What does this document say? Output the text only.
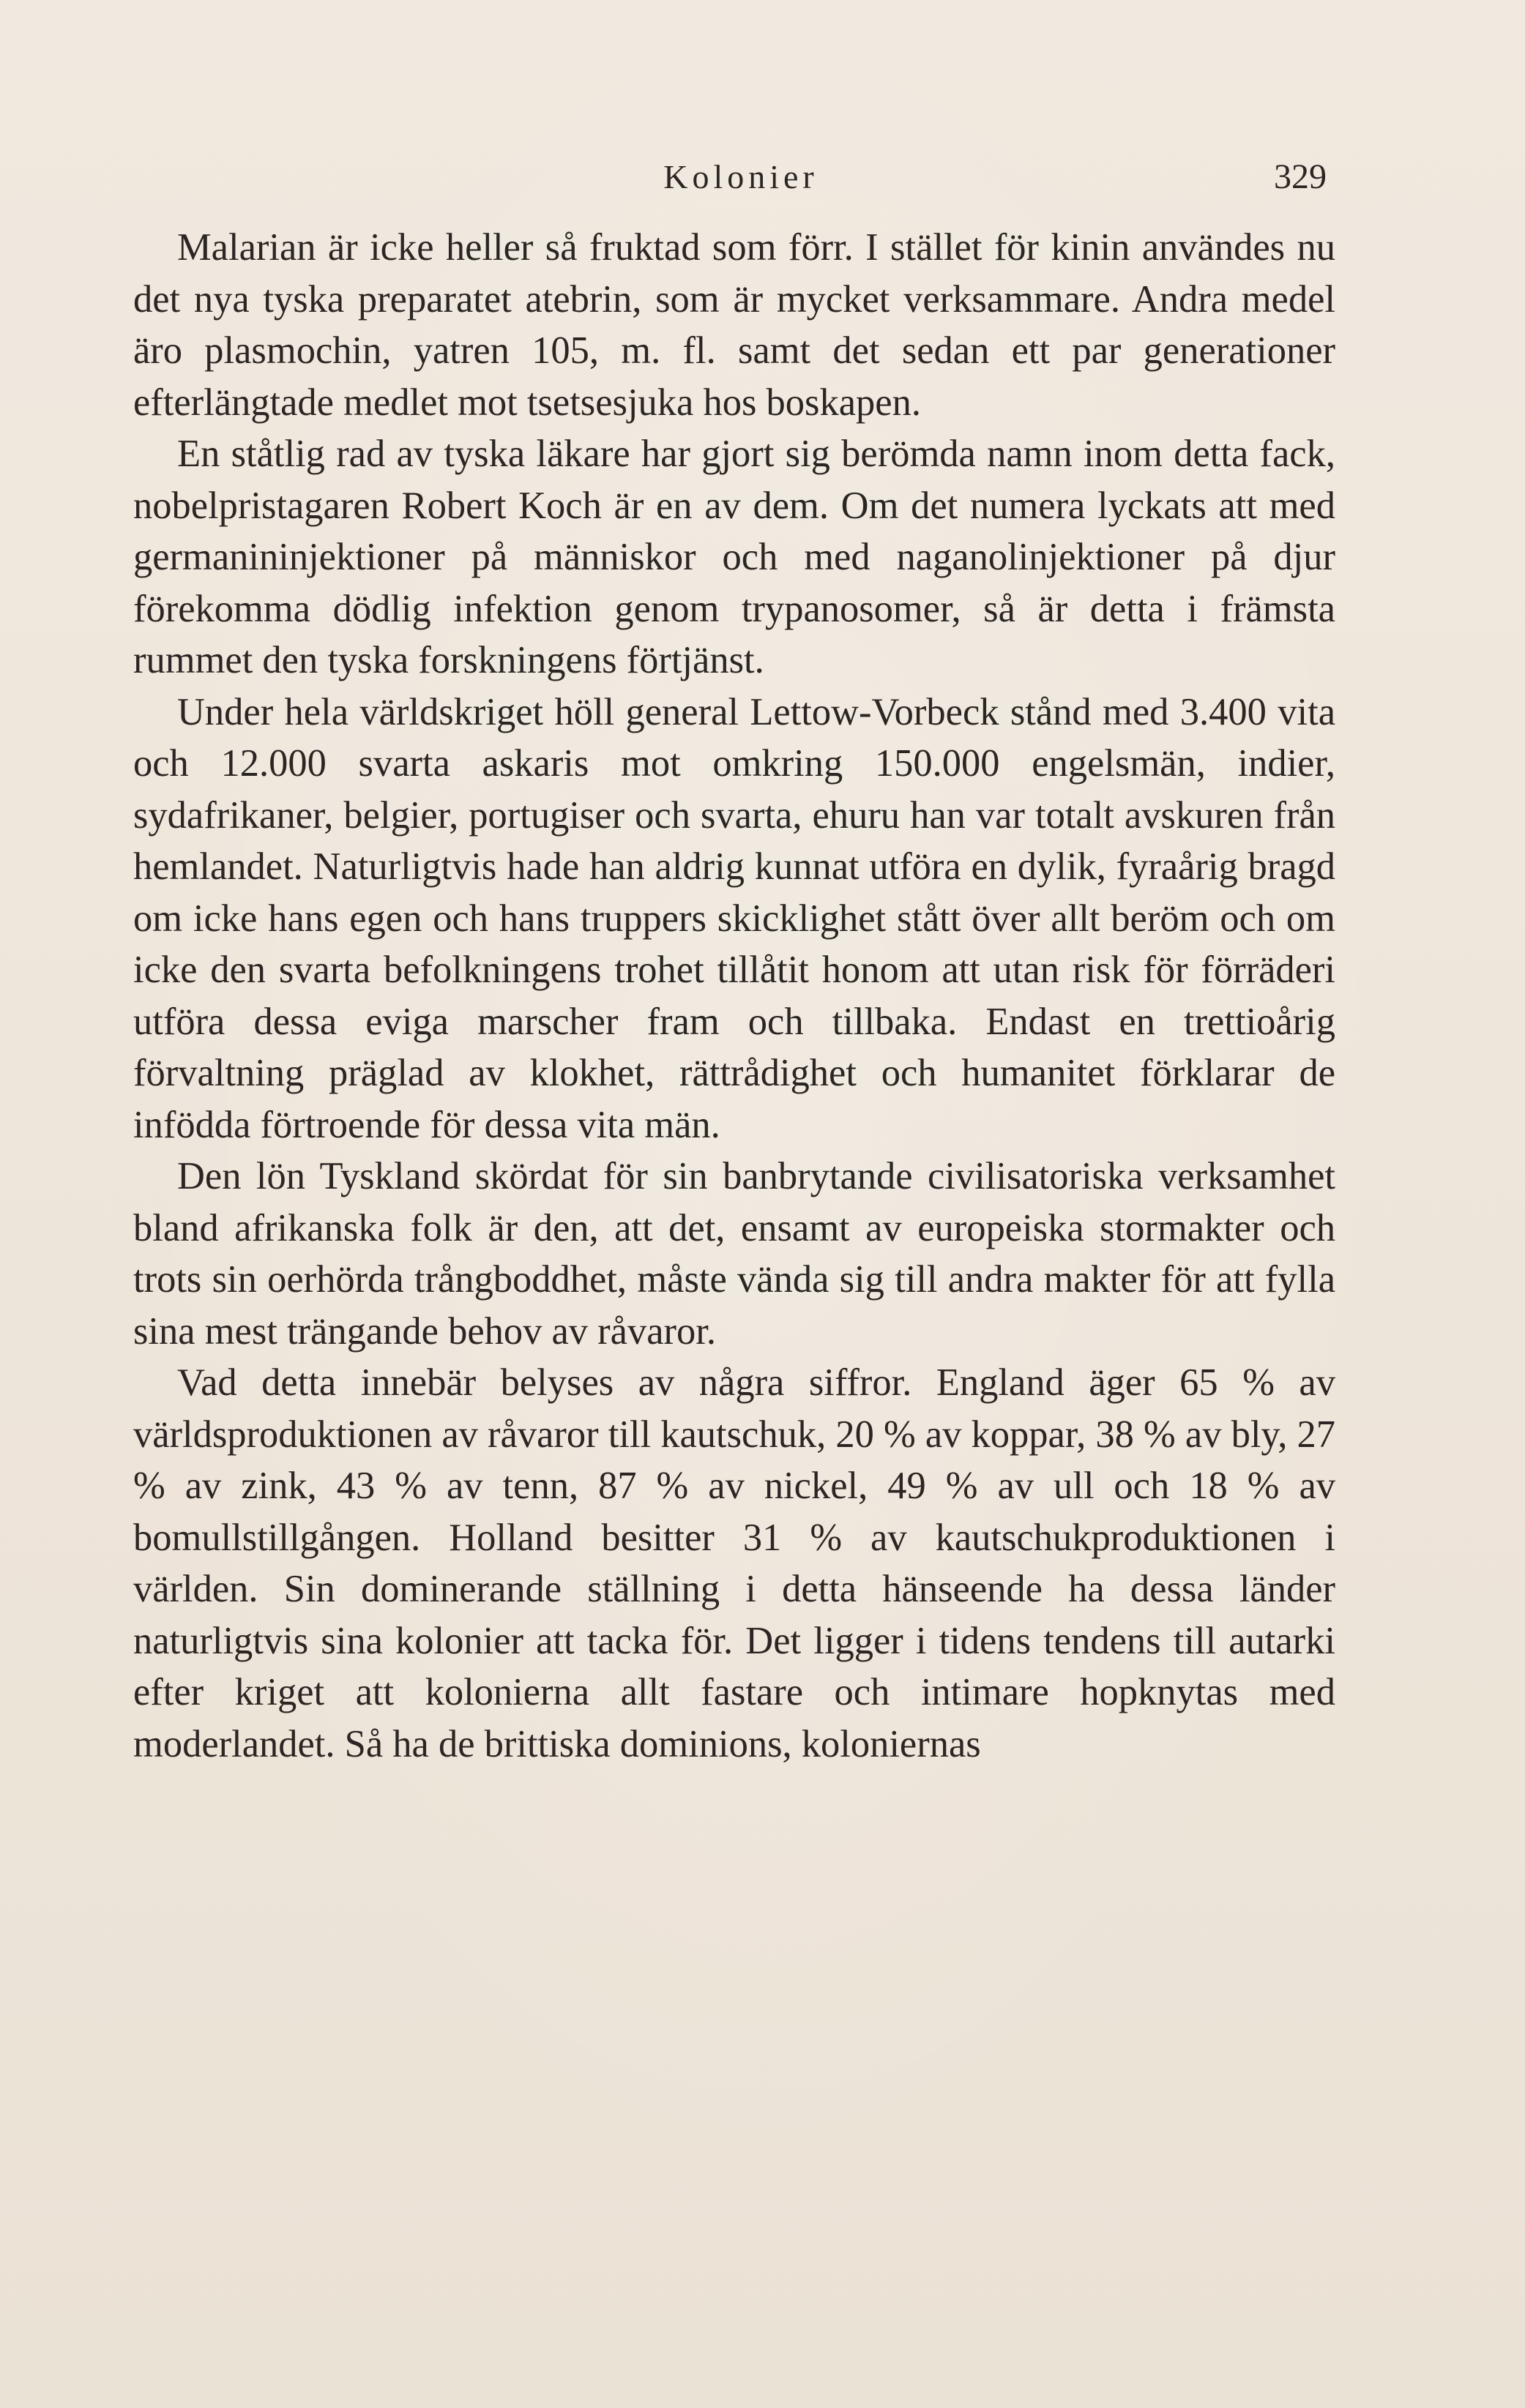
Kolonier	329

Malarian är icke heller så fruktad som förr. I stället för kinin användes nu det nya tyska preparatet atebrin, som är mycket verksammare. Andra medel äro plasmochin, yatren 105, m. fl. samt det sedan ett par generationer efterlängtade medlet mot tsetsesjuka hos boskapen.

En ståtlig rad av tyska läkare har gjort sig berömda namn inom detta fack, nobelpristagaren Robert Koch är en av dem. Om det numera lyckats att med germanininjektioner på människor och med naganolinjektioner på djur förekomma dödlig infektion genom trypanosomer, så är detta i främsta rummet den tyska forskningens förtjänst.

Under hela världskriget höll general Lettow-Vorbeck stånd med 3.400 vita och 12.000 svarta askaris mot omkring 150.000 engelsmän, indier, sydafrikaner, belgier, portugiser och svarta, ehuru han var totalt avskuren från hemlandet. Naturligtvis hade han aldrig kunnat utföra en dylik, fyraårig bragd om icke hans egen och hans truppers skicklighet stått över allt beröm och om icke den svarta befolkningens trohet tillåtit honom att utan risk för förräderi utföra dessa eviga marscher fram och tillbaka. Endast en trettioårig förvaltning präglad av klokhet, rättrådighet och humanitet förklarar de infödda förtroende för dessa vita män.

Den lön Tyskland skördat för sin banbrytande civilisatoriska verksamhet bland afrikanska folk är den, att det, ensamt av europeiska stormakter och trots sin oerhörda trångboddhet, måste vända sig till andra makter för att fylla sina mest trängande behov av råvaror.

Vad detta innebär belyses av några siffror. England äger 65 % av världsproduktionen av råvaror till kautschuk, 20 % av koppar, 38 % av bly, 27 % av zink, 43 % av tenn, 87 % av nickel, 49 % av ull och 18 % av bomullstillgången. Holland besitter 31 % av kautschukproduktionen i världen. Sin dominerande ställning i detta hänseende ha dessa länder naturligtvis sina kolonier att tacka för. Det ligger i tidens tendens till autarki efter kriget att kolonierna allt fastare och intimare hopknytas med moderlandet. Så ha de brittiska dominions, koloniernas
